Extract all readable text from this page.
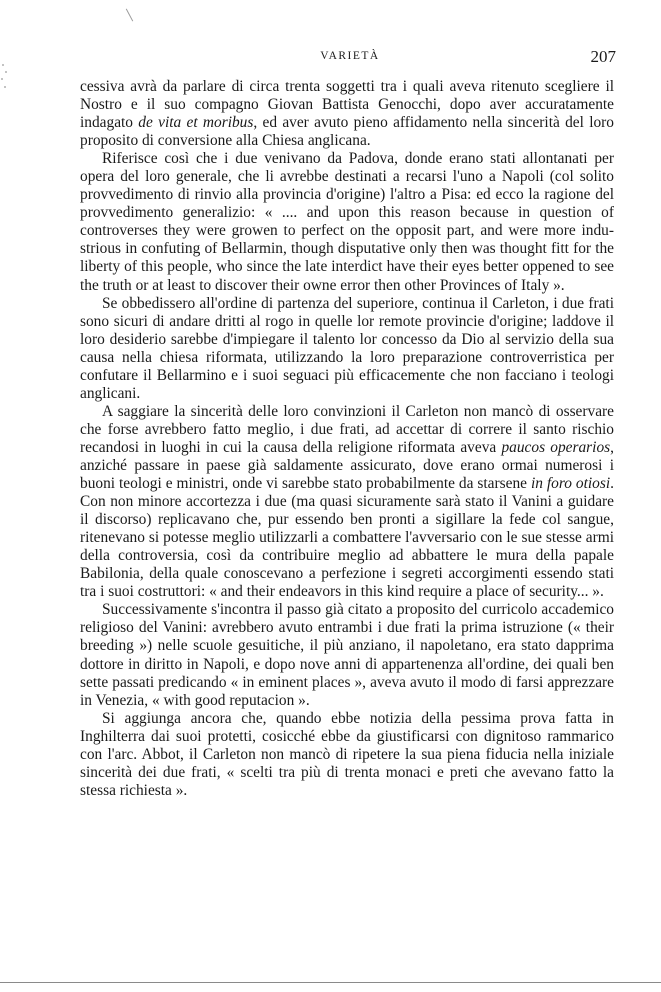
VARIETÀ	207

cessiva avrà da parlare di circa trenta soggetti tra i quali aveva ritenuto scegliere il Nostro e il suo compagno Giovan Battista Genocchi, dopo aver accuratamente indagato de vita et moribus, ed aver avuto pieno affidamento nella sincerità del loro proposito di conversione alla Chiesa anglicana.

Riferisce così che i due venivano da Padova, donde erano stati allontanati per opera del loro generale, che li avrebbe destinati a recarsi l'uno a Napoli (col solito provvedimento di rinvio alla provincia d'origine) l'altro a Pisa: ed ecco la ragione del provvedimento generalizio: « .... and upon this reason because in question of controverses they were growen to perfect on the opposit part, and were more industrious in confuting of Bellarmin, though disputative only then was thought fitt for the liberty of this people, who since the late interdict have their eyes better oppened to see the truth or at least to discover their owne error then other Provinces of Italy ».

Se obbedissero all'ordine di partenza del superiore, continua il Carleton, i due frati sono sicuri di andare dritti al rogo in quelle lor remote provincie d'origine; laddove il loro desiderio sarebbe d'impiegare il talento lor concesso da Dio al servizio della sua causa nella chiesa riformata, utilizzando la loro preparazione controverristica per confutare il Bellarmino e i suoi seguaci più efficacemente che non facciano i teologi anglicani.

A saggiare la sincerità delle loro convinzioni il Carleton non mancò di osservare che forse avrebbero fatto meglio, i due frati, ad accettar di correre il santo rischio recandosi in luoghi in cui la causa della religione riformata aveva paucos operarios, anziché passare in paese già saldamente assicurato, dove erano ormai numerosi i buoni teologi e ministri, onde vi sarebbe stato probabilmente da starsene in foro otiosi. Con non minore accortezza i due (ma quasi sicuramente sarà stato il Vanini a guidare il discorso) replicavano che, pur essendo ben pronti a sigillare la fede col sangue, ritenevano si potesse meglio utilizzarli a combattere l'avversario con le sue stesse armi della controversia, così da contribuire meglio ad abbattere le mura della papale Babilonia, della quale conoscevano a perfezione i segreti accorgimenti essendo stati tra i suoi costruttori: « and their endeavors in this kind require a place of security... ».

Successivamente s'incontra il passo già citato a proposito del curricolo accademico religioso del Vanini: avrebbero avuto entrambi i due frati la prima istruzione (« their breeding ») nelle scuole gesuitiche, il più anziano, il napoletano, era stato dapprima dottore in diritto in Napoli, e dopo nove anni di appartenenza all'ordine, dei quali ben sette passati predicando « in eminent places », aveva avuto il modo di farsi apprezzare in Venezia, « with good reputacion ».

Si aggiunga ancora che, quando ebbe notizia della pessima prova fatta in Inghilterra dai suoi protetti, cosicché ebbe da giustificarsi con dignitoso rammarico con l'arc. Abbot, il Carleton non mancò di ripetere la sua piena fiducia nella iniziale sincerità dei due frati, « scelti tra più di trenta monaci e preti che avevano fatto la stessa richiesta ».
